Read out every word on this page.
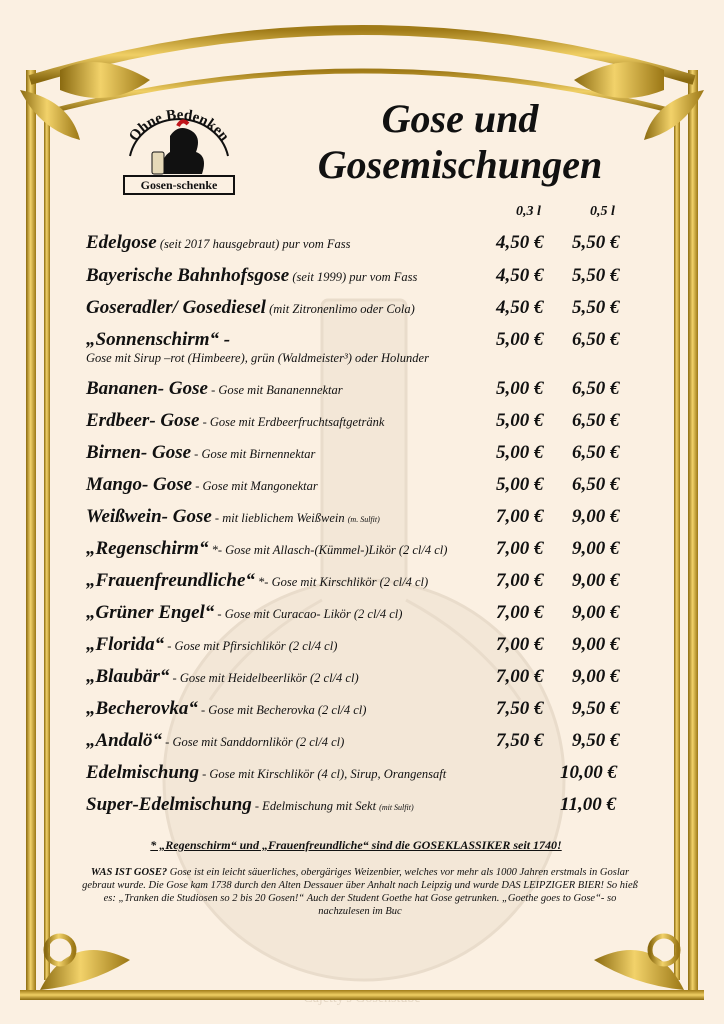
Ohne Bedenken
Gosen-schenke
Gose und
Gosemischungen
0,3 l	0,5 l
Edelgose (seit 2017 hausgebraut) pur vom Fass	4,50 € 5,50 €
Bayerische Bahnhofsgose (seit 1999) pur vom Fass	4,50 € 5,50 €
Goseradler/ Gosediesel (mit Zitronenlimo oder Cola)	4,50 € 5,50 €
„Sonnenschirm“ -
Gose mit Sirup –rot (Himbeere), grün (Waldmeister³) oder Holunder
5,00 € 6,50 €
Bananen- Gose - Gose mit Bananennektar	5,00 € 6,50 €
Erdbeer- Gose - Gose mit Erdbeerfruchtsaftgetränk	5,00 € 6,50 €
Birnen- Gose - Gose mit Birnennektar	5,00 € 6,50 €
Mango- Gose - Gose mit Mangonektar	5,00 € 6,50 €
Weißwein- Gose - mit lieblichem Weißwein (m. Sulfit)	7,00 € 9,00 €
„Regenschirm“ *- Gose mit Allasch-(Kümmel-)Likör (2 cl/4 cl)	7,00 € 9,00 €
„Frauenfreundliche“ *- Gose mit Kirschlikör (2 cl/4 cl)	7,00 € 9,00 €
„Grüner Engel“ - Gose mit Curacao- Likör (2 cl/4 cl)	7,00 € 9,00 €
„Florida“ - Gose mit Pfirsichlikör (2 cl/4 cl)	7,00 € 9,00 €
„Blaubär“ - Gose mit Heidelbeerlikör (2 cl/4 cl)	7,00 € 9,00 €
„Becherovka“ - Gose mit Becherovka (2 cl/4 cl)	7,50 € 9,50 €
„Andalö“ - Gose mit Sanddornlikör (2 cl/4 cl)	7,50 € 9,50 €
Edelmischung - Gose mit Kirschlikör (4 cl), Sirup, Orangensaft	10,00 €
Super-Edelmischung - Edelmischung mit Sekt (mit Sulfit)	11,00 €
* „Regenschirm“ und „Frauenfreundliche“ sind die GOSEKLASSIKER seit 1740!
WAS IST GOSE? Gose ist ein leicht säuerliches, obergäriges Weizenbier, welches vor mehr als 1000 Jahren erstmals in Goslar gebraut wurde. Die Gose kam 1738 durch den Alten Dessauer über Anhalt nach Leipzig und wurde DAS LEIPZIGER BIER! So hieß es: „Tranken die Studiosen so 2 bis 20 Gosen!“ Auch der Student Goethe hat Gose getrunken. „Goethe goes to Gose“- so nachzulesen im Buc
